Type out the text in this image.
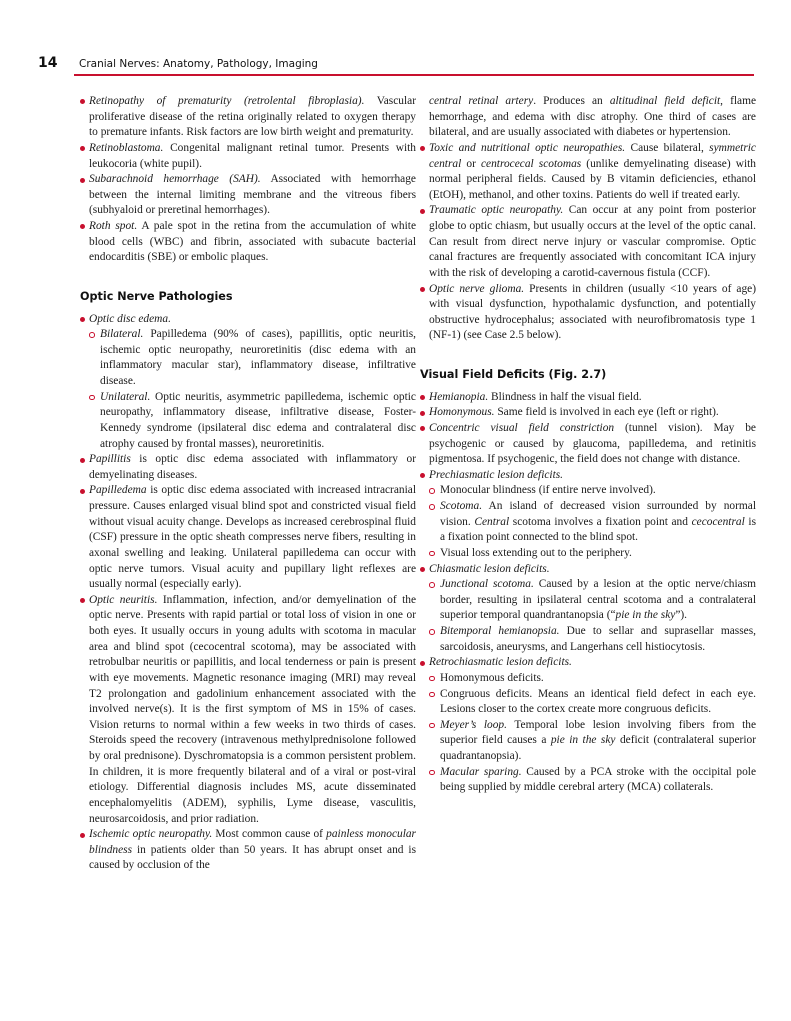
14 Cranial Nerves: Anatomy, Pathology, Imaging
Retinopathy of prematurity (retrolental fibroplasia). Vascular proliferative disease of the retina originally related to oxygen therapy to premature infants. Risk factors are low birth weight and prematurity.
Retinoblastoma. Congenital malignant retinal tumor. Presents with leukocoria (white pupil).
Subarachnoid hemorrhage (SAH). Associated with hemorrhage between the internal limiting membrane and the vitreous fibers (subhyaloid or preretinal hemorrhages).
Roth spot. A pale spot in the retina from the accumulation of white blood cells (WBC) and fibrin, associated with subacute bacterial endocarditis (SBE) or embolic plaques.
Optic Nerve Pathologies
Optic disc edema.
Bilateral. Papilledema (90% of cases), papillitis, optic neuritis, ischemic optic neuropathy, neuroretinitis (disc edema with an inflammatory macular star), inflammatory disease, infiltrative disease.
Unilateral. Optic neuritis, asymmetric papilledema, ischemic optic neuropathy, inflammatory disease, infiltrative disease, Foster-Kennedy syndrome (ipsilateral disc edema and contralateral disc atrophy caused by frontal masses), neuroretinitis.
Papillitis is optic disc edema associated with inflammatory or demyelinating diseases.
Papilledema is optic disc edema associated with increased intracranial pressure. Causes enlarged visual blind spot and constricted visual field without visual acuity change. Develops as increased cerebrospinal fluid (CSF) pressure in the optic sheath compresses nerve fibers, resulting in axonal swelling and leaking. Unilateral papilledema can occur with optic nerve tumors. Visual acuity and pupillary light reflexes are usually normal (especially early).
Optic neuritis. Inflammation, infection, and/or demyelination of the optic nerve. Presents with rapid partial or total loss of vision in one or both eyes. It usually occurs in young adults with scotoma in macular area and blind spot (cecocentral scotoma), may be associated with retrobulbar neuritis or papillitis, and local tenderness or pain is present with eye movements. Magnetic resonance imaging (MRI) may reveal T2 prolongation and gadolinium enhancement associated with the involved nerve(s). It is the first symptom of MS in 15% of cases. Vision returns to normal within a few weeks in two thirds of cases. Steroids speed the recovery (intravenous methylprednisolone followed by oral prednisone). Dyschromatopsia is a common persistent problem. In children, it is more frequently bilateral and of a viral or post-viral etiology. Differential diagnosis includes MS, acute disseminated encephalomyelitis (ADEM), syphilis, Lyme disease, vasculitis, neurosarcoidosis, and prior radiation.
Ischemic optic neuropathy. Most common cause of painless monocular blindness in patients older than 50 years. It has abrupt onset and is caused by occlusion of the
central retinal artery. Produces an altitudinal field deficit, flame hemorrhage, and edema with disc atrophy. One third of cases are bilateral, and are usually associated with diabetes or hypertension.
Toxic and nutritional optic neuropathies. Cause bilateral, symmetric central or centrocecal scotomas (unlike demyelinating disease) with normal peripheral fields. Caused by B vitamin deficiencies, ethanol (EtOH), methanol, and other toxins. Patients do well if treated early.
Traumatic optic neuropathy. Can occur at any point from posterior globe to optic chiasm, but usually occurs at the level of the optic canal. Can result from direct nerve injury or vascular compromise. Optic canal fractures are frequently associated with concomitant ICA injury with the risk of developing a carotid-cavernous fistula (CCF).
Optic nerve glioma. Presents in children (usually <10 years of age) with visual dysfunction, hypothalamic dysfunction, and potentially obstructive hydrocephalus; associated with neurofibromatosis type 1 (NF-1) (see Case 2.5 below).
Visual Field Deficits (Fig. 2.7)
Hemianopia. Blindness in half the visual field.
Homonymous. Same field is involved in each eye (left or right).
Concentric visual field constriction (tunnel vision). May be psychogenic or caused by glaucoma, papilledema, and retinitis pigmentosa. If psychogenic, the field does not change with distance.
Prechiasmatic lesion deficits.
Monocular blindness (if entire nerve involved).
Scotoma. An island of decreased vision surrounded by normal vision. Central scotoma involves a fixation point and cecocentral is a fixation point connected to the blind spot.
Visual loss extending out to the periphery.
Chiasmatic lesion deficits.
Junctional scotoma. Caused by a lesion at the optic nerve/chiasm border, resulting in ipsilateral central scotoma and a contralateral superior temporal quandrantanopsia (“pie in the sky”).
Bitemporal hemianopsia. Due to sellar and suprasellar masses, sarcoidosis, aneurysms, and Langerhans cell histiocytosis.
Retrochiasmatic lesion deficits.
Homonymous deficits.
Congruous deficits. Means an identical field defect in each eye. Lesions closer to the cortex create more congruous deficits.
Meyer’s loop. Temporal lobe lesion involving fibers from the superior field causes a pie in the sky deficit (contralateral superior quadrantanopsia).
Macular sparing. Caused by a PCA stroke with the occipital pole being supplied by middle cerebral artery (MCA) collaterals.
